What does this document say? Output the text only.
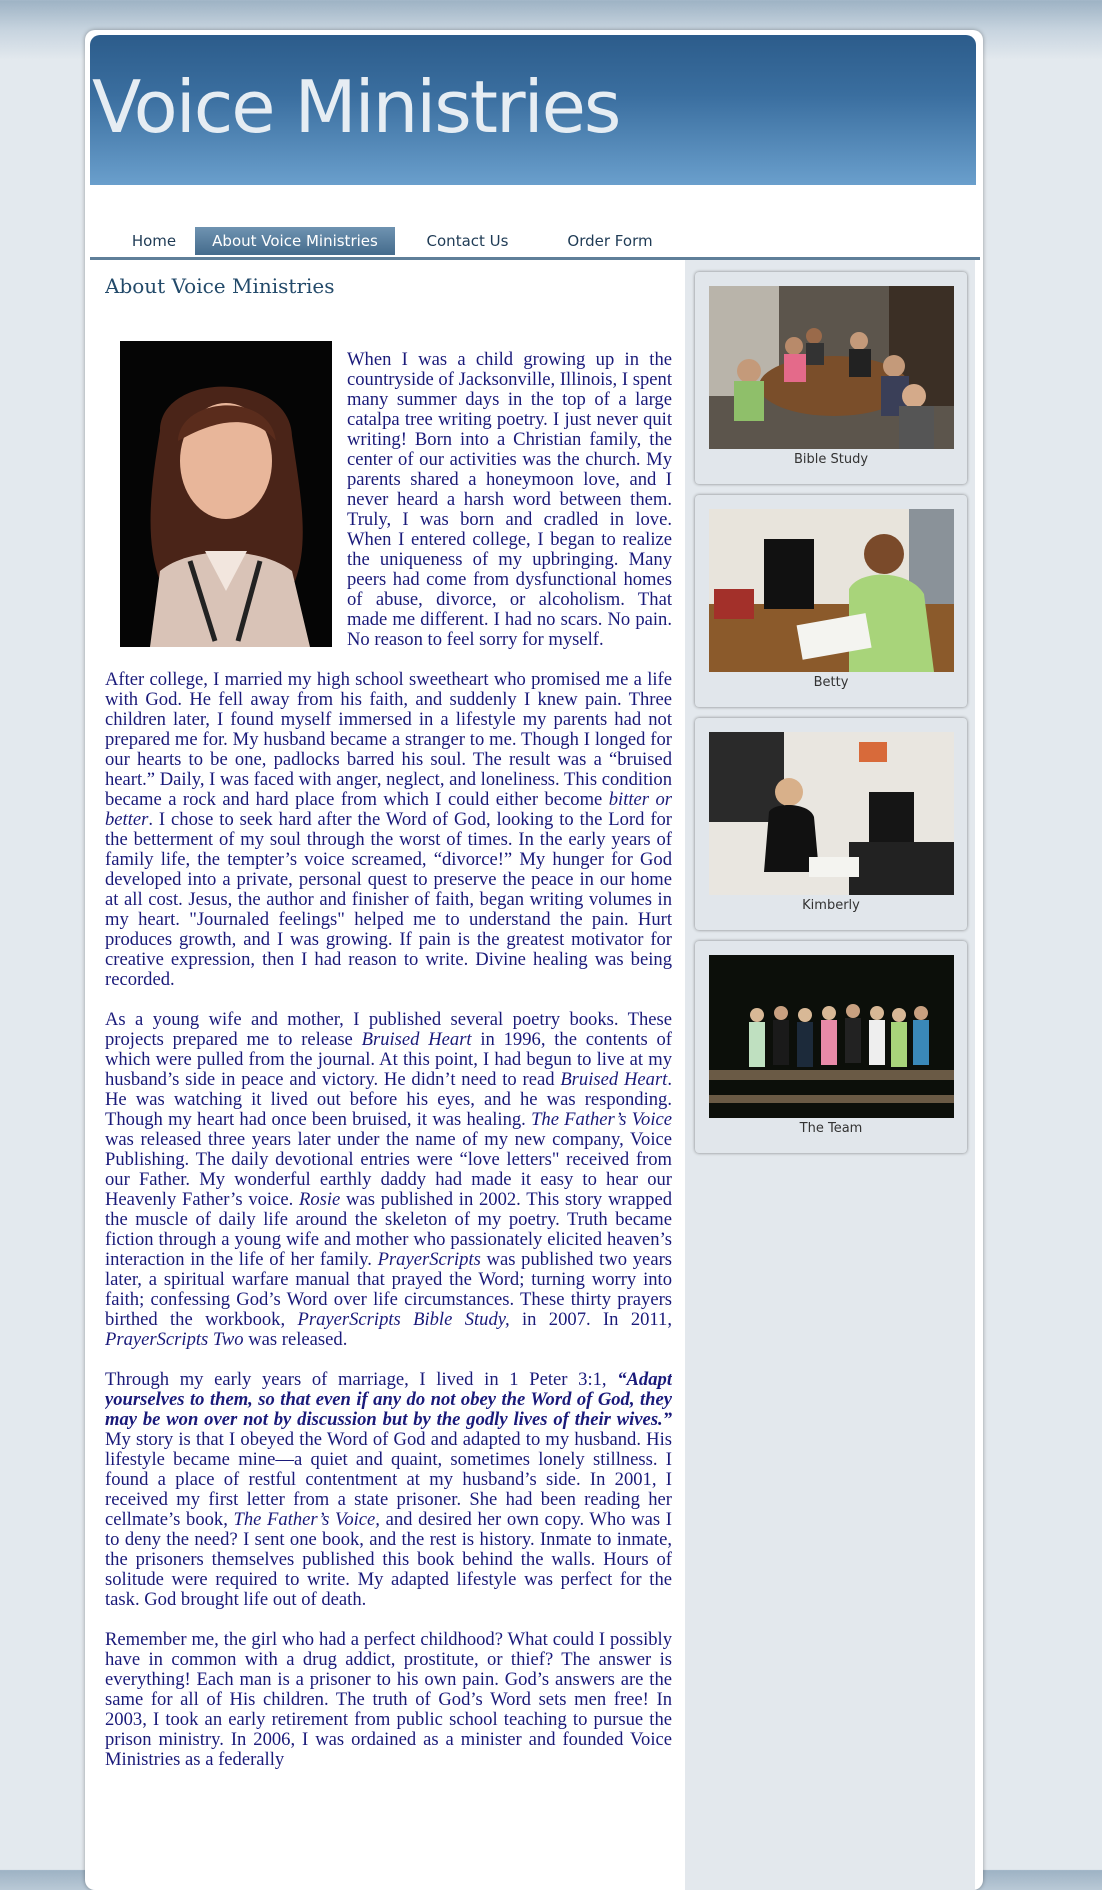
Voice Ministries
Home	About Voice Ministries	Contact Us	Order Form
About Voice Ministries

When I was a child growing up in the countryside of Jacksonville, Illinois, I spent many summer days in the top of a large catalpa tree writing poetry. I just never quit writing! Born into a Christian family, the center of our activities was the church. My parents shared a honeymoon love, and I never heard a harsh word between them. Truly, I was born and cradled in love. When I entered college, I began to realize the uniqueness of my upbringing. Many peers had come from dysfunctional homes of abuse, divorce, or alcoholism. That made me different. I had no scars. No pain. No reason to feel sorry for myself.

After college, I married my high school sweetheart who promised me a life with God. He fell away from his faith, and suddenly I knew pain. Three children later, I found myself immersed in a lifestyle my parents had not prepared me for. My husband became a stranger to me. Though I longed for our hearts to be one, padlocks barred his soul. The result was a “bruised heart.” Daily, I was faced with anger, neglect, and loneliness. This condition became a rock and hard place from which I could either become bitter or better. I chose to seek hard after the Word of God, looking to the Lord for the betterment of my soul through the worst of times. In the early years of family life, the tempter’s voice screamed, “divorce!” My hunger for God developed into a private, personal quest to preserve the peace in our home at all cost. Jesus, the author and finisher of faith, began writing volumes in my heart. "Journaled feelings" helped me to understand the pain. Hurt produces growth, and I was growing. If pain is the greatest motivator for creative expression, then I had reason to write. Divine healing was being recorded.

As a young wife and mother, I published several poetry books. These projects prepared me to release Bruised Heart in 1996, the contents of which were pulled from the journal. At this point, I had begun to live at my husband’s side in peace and victory. He didn’t need to read Bruised Heart. He was watching it lived out before his eyes, and he was responding. Though my heart had once been bruised, it was healing. The Father’s Voice was released three years later under the name of my new company, Voice Publishing. The daily devotional entries were “love letters" received from our Father. My wonderful earthly daddy had made it easy to hear our Heavenly Father’s voice. Rosie was published in 2002. This story wrapped the muscle of daily life around the skeleton of my poetry. Truth became fiction through a young wife and mother who passionately elicited heaven’s interaction in the life of her family. PrayerScripts was published two years later, a spiritual warfare manual that prayed the Word; turning worry into faith; confessing God’s Word over life circumstances. These thirty prayers birthed the workbook, PrayerScripts Bible Study, in 2007. In 2011, PrayerScripts Two was released.

Through my early years of marriage, I lived in 1 Peter 3:1, “Adapt yourselves to them, so that even if any do not obey the Word of God, they may be won over not by discussion but by the godly lives of their wives.” My story is that I obeyed the Word of God and adapted to my husband. His lifestyle became mine—a quiet and quaint, sometimes lonely stillness. I found a place of restful contentment at my husband’s side. In 2001, I received my first letter from a state prisoner. She had been reading her cellmate’s book, The Father’s Voice, and desired her own copy. Who was I to deny the need? I sent one book, and the rest is history. Inmate to inmate, the prisoners themselves published this book behind the walls. Hours of solitude were required to write. My adapted lifestyle was perfect for the task. God brought life out of death.

Remember me, the girl who had a perfect childhood? What could I possibly have in common with a drug addict, prostitute, or thief? The answer is everything! Each man is a prisoner to his own pain. God’s answers are the same for all of His children. The truth of God’s Word sets men free! In 2003, I took an early retirement from public school teaching to pursue the prison ministry. In 2006, I was ordained as a minister and founded Voice Ministries as a federally

Bible Study
Betty
Kimberly
The Team
